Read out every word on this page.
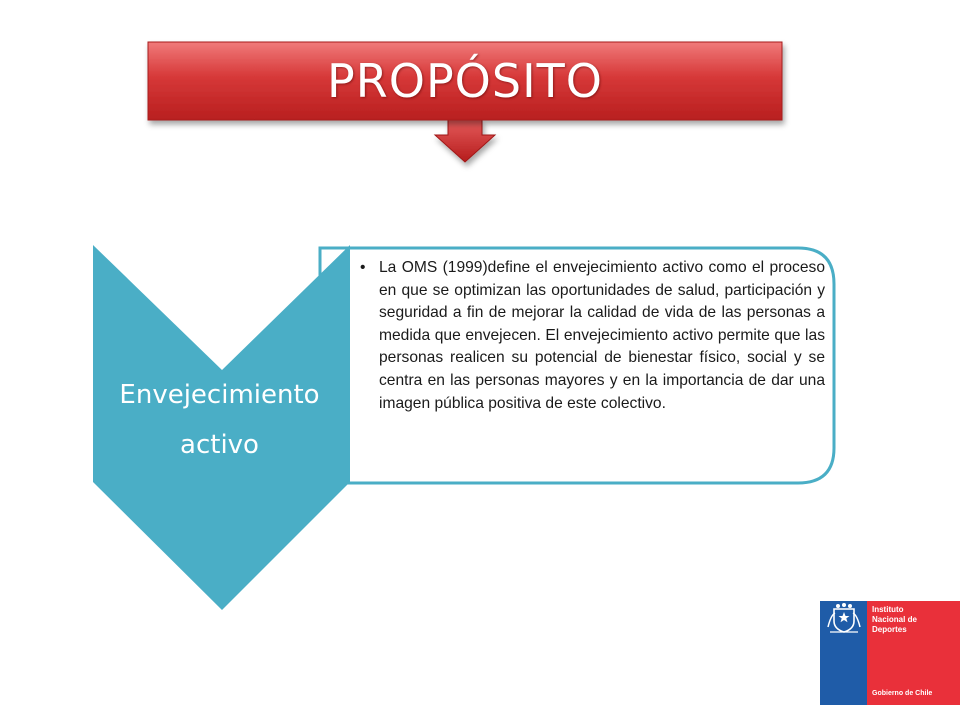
PROPÓSITO
Envejecimiento
activo
• La OMS (1999)define el envejecimiento activo como el proceso en que se optimizan las oportunidades de salud, participación y seguridad a fin de mejorar la calidad de vida de las personas a medida que envejecen. El envejecimiento activo permite que las personas realicen su potencial de bienestar físico, social y se centra en las personas mayores y en la importancia de dar una imagen pública positiva de este colectivo.
Instituto
Nacional de
Deportes
Gobierno de Chile
